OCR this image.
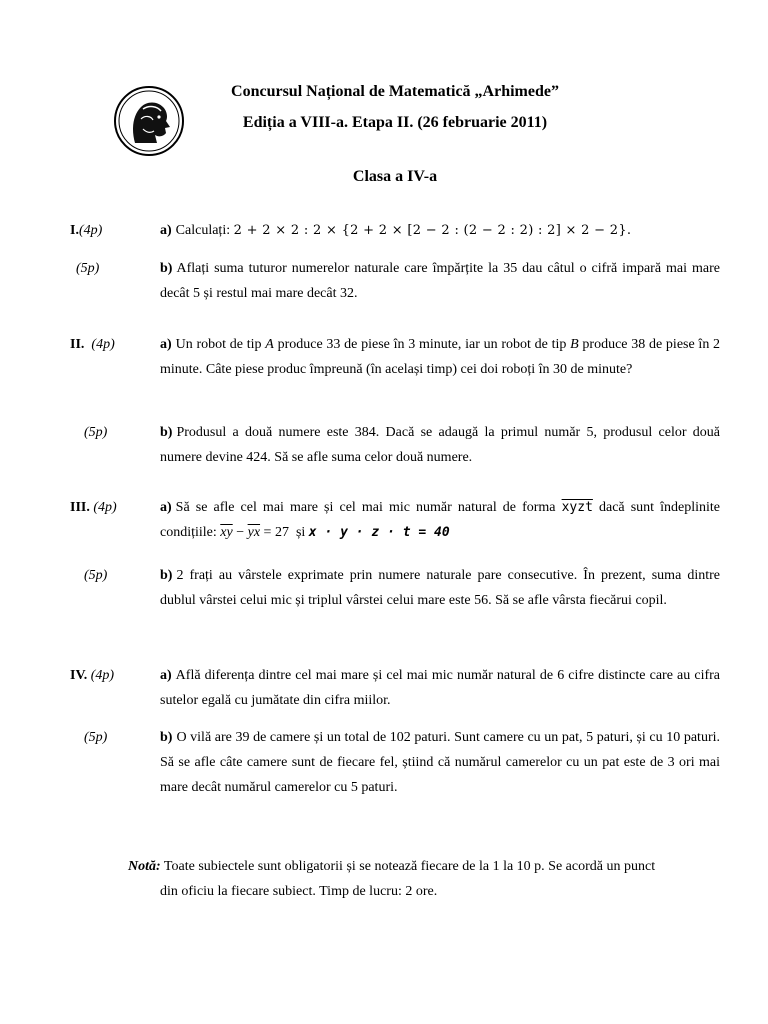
Concursul Național de Matematică „Arhimede”
Ediția a VIII-a. Etapa II. (26 februarie 2011)
Clasa a IV-a
I.(4p)	a) Calculați: 2 + 2 × 2 : 2 × {2 + 2 × [2 − 2 : (2 − 2 : 2) : 2] × 2 − 2}.
(5p)	b) Aflați suma tuturor numerelor naturale care împărțite la 35 dau câtul o cifră impară mai mare decât 5 și restul mai mare decât 32.
II. (4p)	a) Un robot de tip A produce 33 de piese în 3 minute, iar un robot de tip B produce 38 de piese în 2 minute. Câte piese produc împreună (în același timp) cei doi roboți în 30 de minute?
(5p)	b) Produsul a două numere este 384. Dacă se adaugă la primul număr 5, produsul celor două numere devine 424. Să se afle suma celor două numere.
III. (4p)	a) Să se afle cel mai mare și cel mai mic număr natural de forma xyzt dacă sunt îndeplinite condițiile: $\overline{xy} - \overline{yx} = 27$ și x · y · z · t = 40
(5p)	b) 2 frați au vârstele exprimate prin numere naturale pare consecutive. În prezent, suma dintre dublul vârstei celui mic și triplul vârstei celui mare este 56. Să se afle vârsta fiecărui copil.
IV. (4p)	a) Află diferența dintre cel mai mare și cel mai mic număr natural de 6 cifre distincte care au cifra sutelor egală cu jumătate din cifra miilor.
(5p)	b) O vilă are 39 de camere și un total de 102 paturi. Sunt camere cu un pat, 5 paturi, și cu 10 paturi. Să se afle câte camere sunt de fiecare fel, știind că numărul camerelor cu un pat este de 3 ori mai mare decât numărul camerelor cu 5 paturi.
Notă: Toate subiectele sunt obligatorii și se notează fiecare de la 1 la 10 p. Se acordă un punct
din oficiu la fiecare subiect. Timp de lucru: 2 ore.
